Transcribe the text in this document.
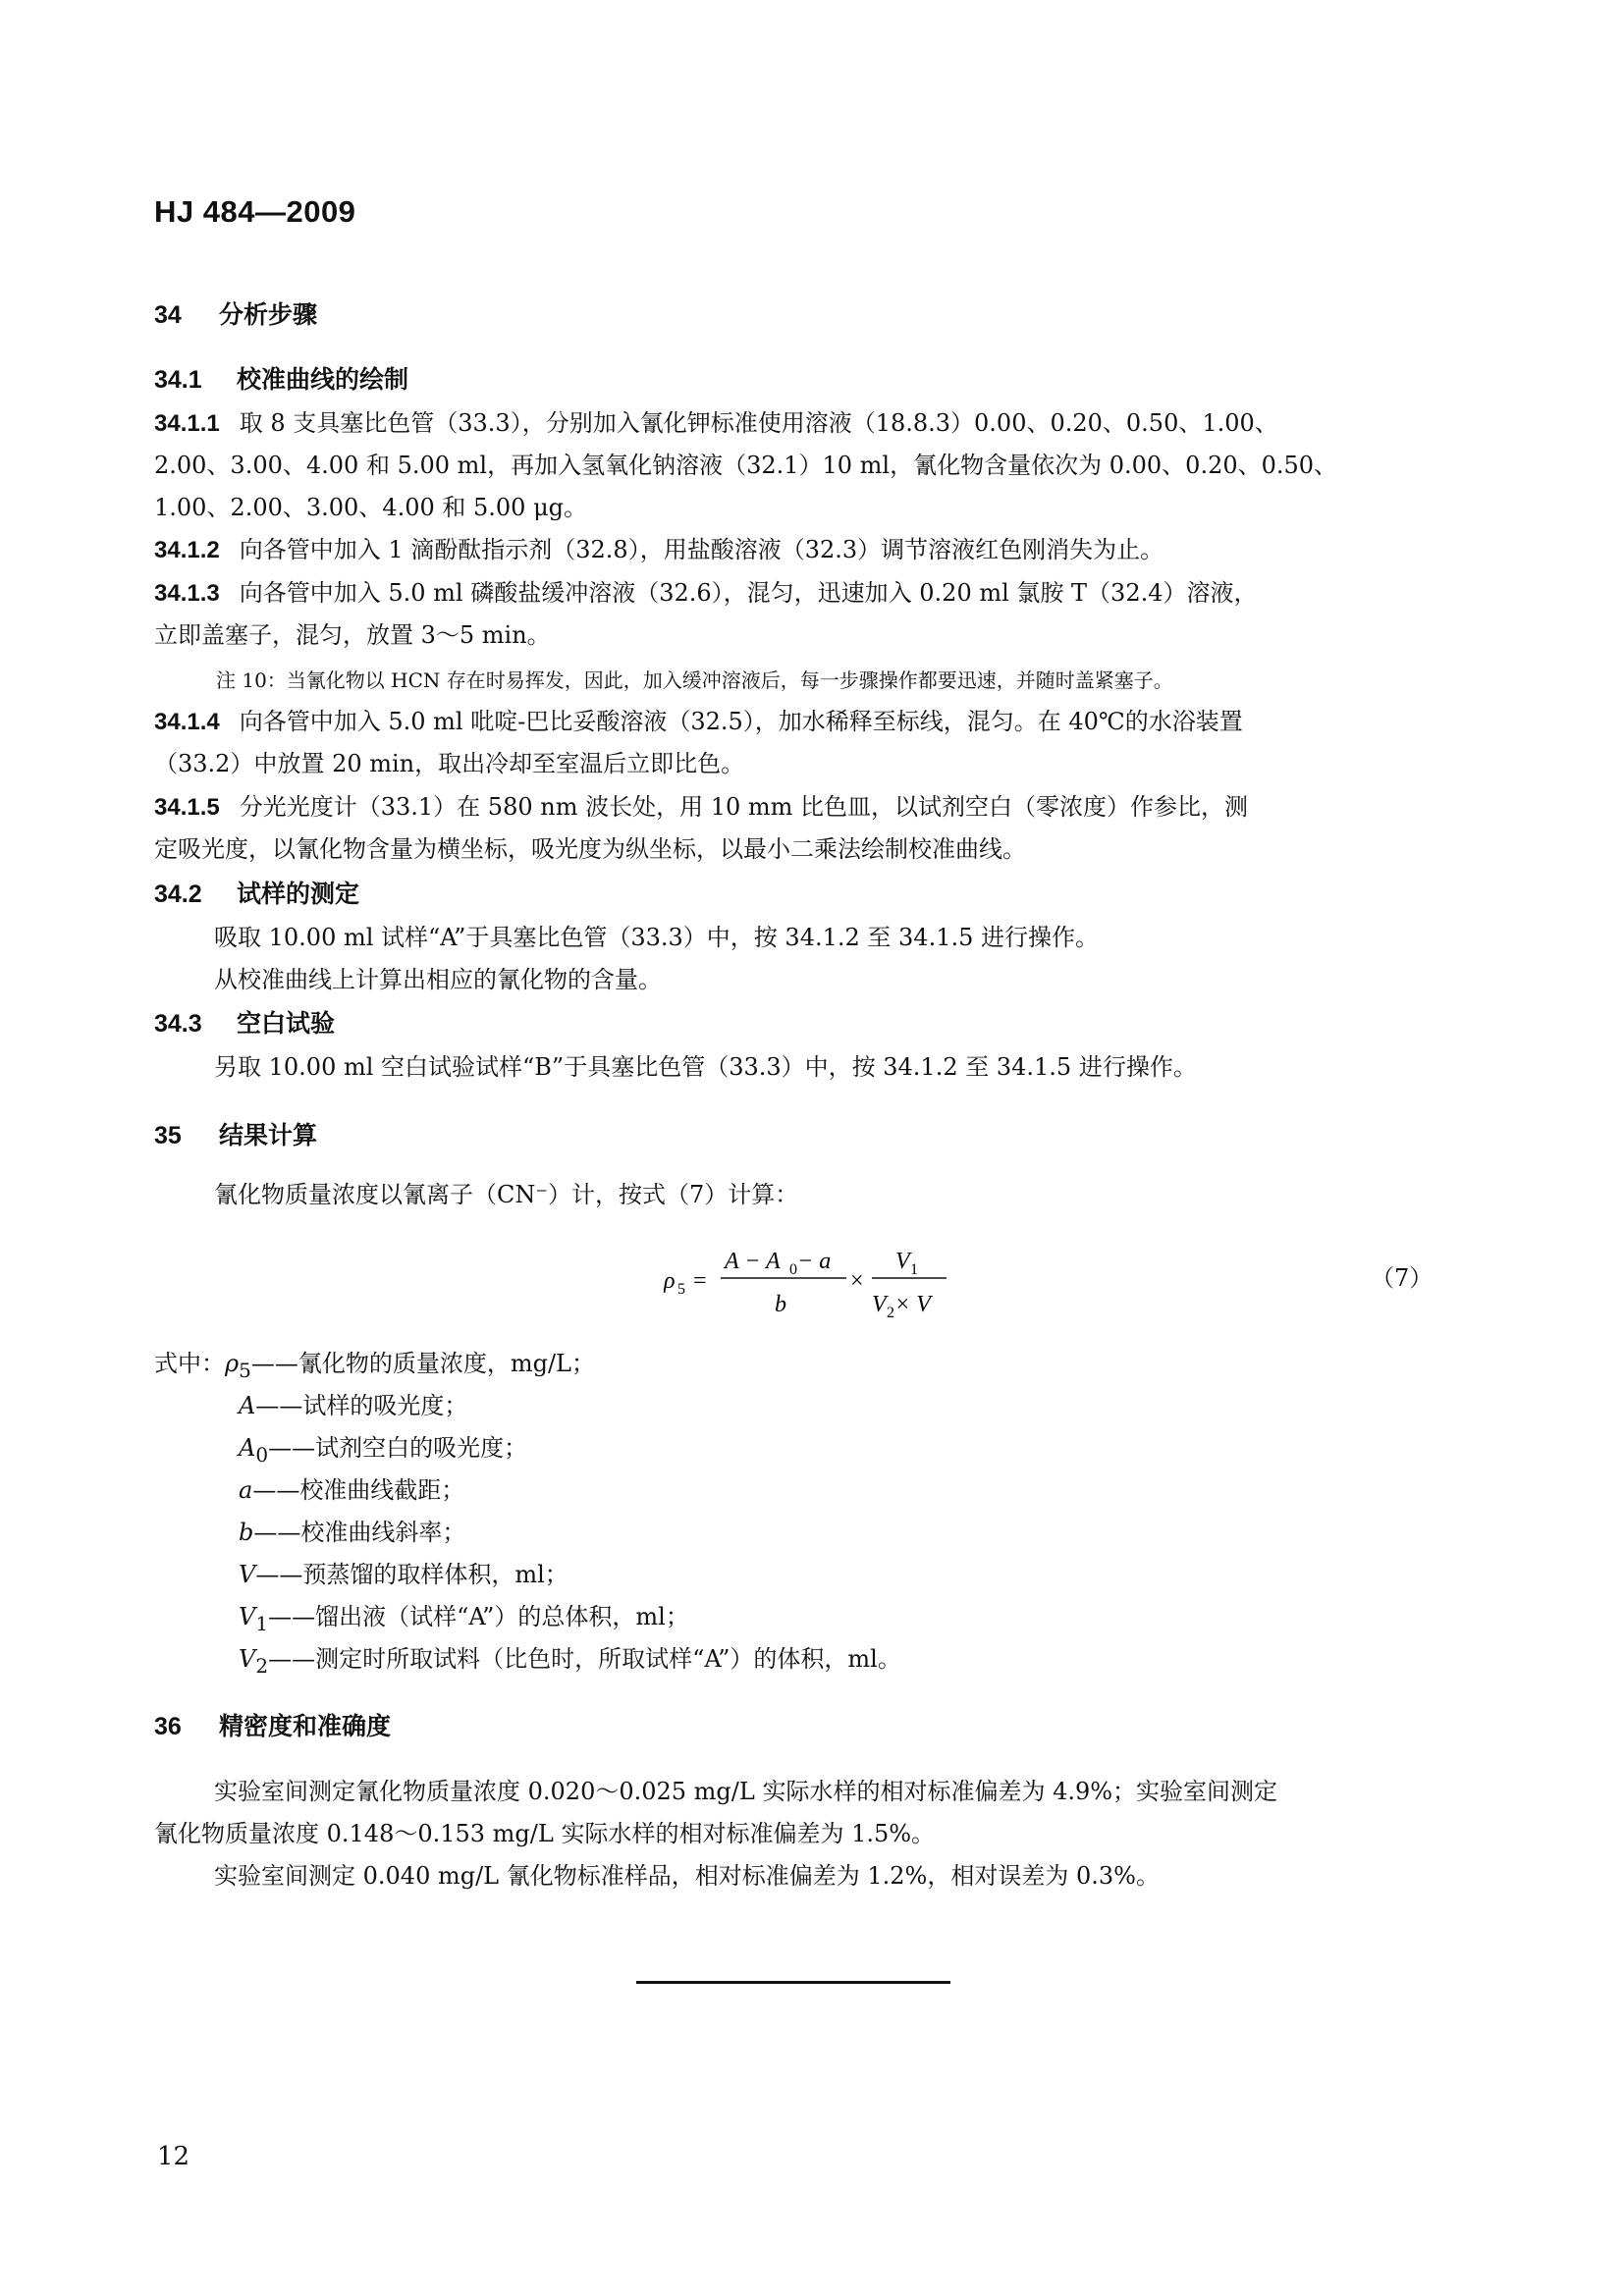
HJ 484—2009
34 分析步骤
34.1 校准曲线的绘制
34.1.1 取 8 支具塞比色管（33.3），分别加入氰化钾标准使用溶液（18.8.3）0.00、0.20、0.50、1.00、
2.00、3.00、4.00 和 5.00 ml，再加入氢氧化钠溶液（32.1）10 ml，氰化物含量依次为 0.00、0.20、0.50、
1.00、2.00、3.00、4.00 和 5.00 μg。
34.1.2 向各管中加入 1 滴酚酞指示剂（32.8），用盐酸溶液（32.3）调节溶液红色刚消失为止。
34.1.3 向各管中加入 5.0 ml 磷酸盐缓冲溶液（32.6），混匀，迅速加入 0.20 ml 氯胺 T（32.4）溶液，
立即盖塞子，混匀，放置 3～5 min。
注 10：当氰化物以 HCN 存在时易挥发，因此，加入缓冲溶液后，每一步骤操作都要迅速，并随时盖紧塞子。
34.1.4 向各管中加入 5.0 ml 吡啶-巴比妥酸溶液（32.5），加水稀释至标线，混匀。在 40℃的水浴装置
（33.2）中放置 20 min，取出冷却至室温后立即比色。
34.1.5 分光光度计（33.1）在 580 nm 波长处，用 10 mm 比色皿，以试剂空白（零浓度）作参比，测
定吸光度，以氰化物含量为横坐标，吸光度为纵坐标，以最小二乘法绘制校准曲线。
34.2 试样的测定
吸取 10.00 ml 试样“A”于具塞比色管（33.3）中，按 34.1.2 至 34.1.5 进行操作。
从校准曲线上计算出相应的氰化物的含量。
34.3 空白试验
另取 10.00 ml 空白试验试样“B”于具塞比色管（33.3）中，按 34.1.2 至 34.1.5 进行操作。
35 结果计算
氰化物质量浓度以氰离子（CN⁻）计，按式（7）计算：
ρ 5 =
A − A 0 − a
b
×
V 1
V 2 × V
（7）
式中：$\rho_5——$氰化物的质量浓度，mg/L；
A——试样的吸光度；
$A_0——$试剂空白的吸光度；
a——校准曲线截距；
b——校准曲线斜率；
V——预蒸馏的取样体积，ml；
$V_1——$馏出液（试样“A”）的总体积，ml；
$V_2——$测定时所取试料（比色时，所取试样“A”）的体积，ml。
36 精密度和准确度
实验室间测定氰化物质量浓度 0.020～0.025 mg/L 实际水样的相对标准偏差为 4.9%；实验室间测定
氰化物质量浓度 0.148～0.153 mg/L 实际水样的相对标准偏差为 1.5%。
实验室间测定 0.040 mg/L 氰化物标准样品，相对标准偏差为 1.2%，相对误差为 0.3%。
12
